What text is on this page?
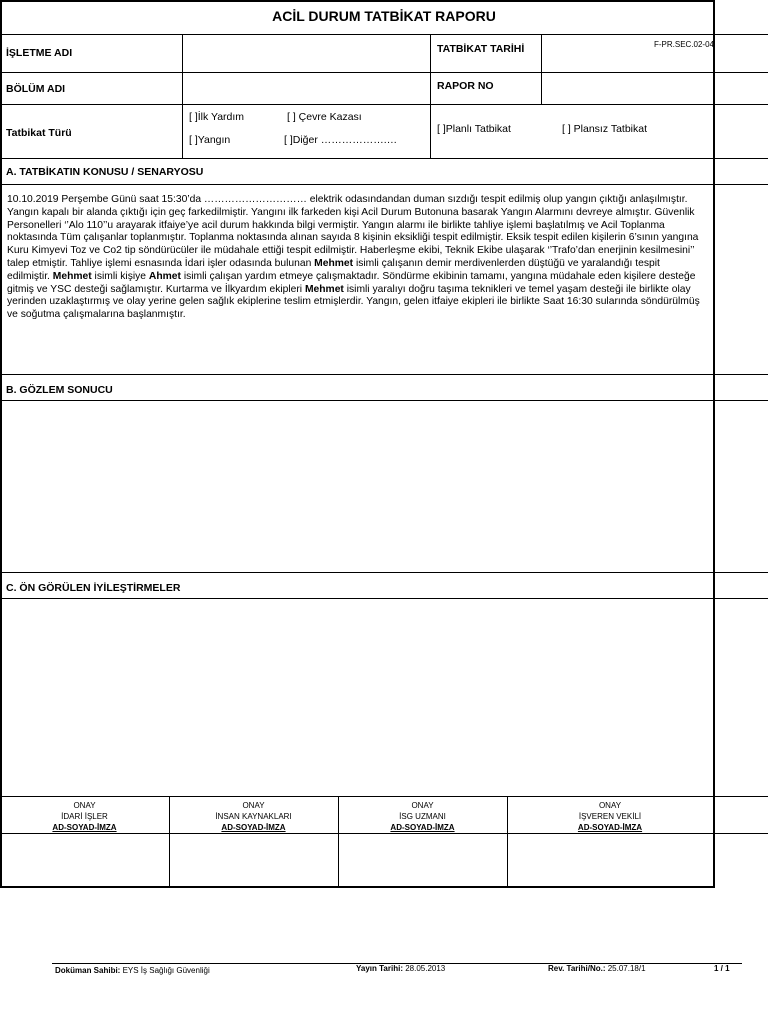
F-PR.SEC.02-04
ACİL DURUM TATBİKAT RAPORU
İŞLETME ADI	TATBİKAT TARİHİ
BÖLÜM ADI	RAPOR NO
Tatbikat Türü
[ ]İlk Yardım	[ ] Çevre Kazası
[ ]Yangın	[ ]Diğer ……………….…
[ ]Planlı Tatbikat	[ ] Plansız Tatbikat
A. TATBİKATIN KONUSU / SENARYOSU
B. GÖZLEM SONUCU
C. ÖN GÖRÜLEN İYİLEŞTİRMELER
10.10.2019 Perşembe Günü saat 15:30’da ………………………… elektrik odasındandan duman sızdığı tespit edilmiş olup yangın çıktığı anlaşılmıştır. Yangın kapalı bir alanda çıktığı için geç farkedilmiştir. Yangını ilk farkeden kişi Acil Durum Butonuna basarak Yangın Alarmını devreye almıştır. Güvenlik Personelleri ‘’Alo 110’’u arayarak itfaiye’ye acil durum hakkında bilgi vermiştir. Yangın alarmı ile birlikte tahliye işlemi başlatılmış ve Acil Toplanma noktasında Tüm çalışanlar toplanmıştır. Toplanma noktasında alınan sayıda 8 kişinin eksikliği tespit edilmiştir. Eksik tespit edilen kişilerin 6’sının yangına Kuru Kimyevi Toz ve Co2 tip söndürücüler ile müdahale ettiği tespit edilmiştir. Haberleşme ekibi, Teknik Ekibe ulaşarak ‘’Trafo’dan enerjinin kesilmesini’’ talep etmiştir. Tahliye işlemi esnasında İdari işler odasında bulunan Mehmet isimli çalışanın demir merdivenlerden düştüğü ve yaralandığı tespit edilmiştir. Mehmet isimli kişiye Ahmet isimli çalışan yardım etmeye çalışmaktadır. Söndürme ekibinin tamamı, yangına müdahale eden kişilere desteğe gitmiş ve YSC desteği sağlamıştır. Kurtarma ve İlkyardım ekipleri Mehmet isimli yaralıyı doğru taşıma teknikleri ve temel yaşam desteği ile birlikte olay yerinden uzaklaştırmış ve olay yerine gelen sağlık ekiplerine teslim etmişlerdir. Yangın, gelen itfaiye ekipleri ile birlikte Saat 16:30 sularında söndürülmüş ve soğutma çalışmalarına başlanmıştır.
ONAY
İDARİ İŞLER
AD-SOYAD-İMZA
ONAY
İNSAN KAYNAKLARI
AD-SOYAD-İMZA
ONAY
İSG UZMANI
AD-SOYAD-İMZA
ONAY
İŞVEREN VEKİLİ
AD-SOYAD-İMZA
Doküman Sahibi: EYS İş Sağlığı Güvenliği	Yayın Tarihi: 28.05.2013	Rev. Tarihi/No.: 25.07.18/1	1 / 1
